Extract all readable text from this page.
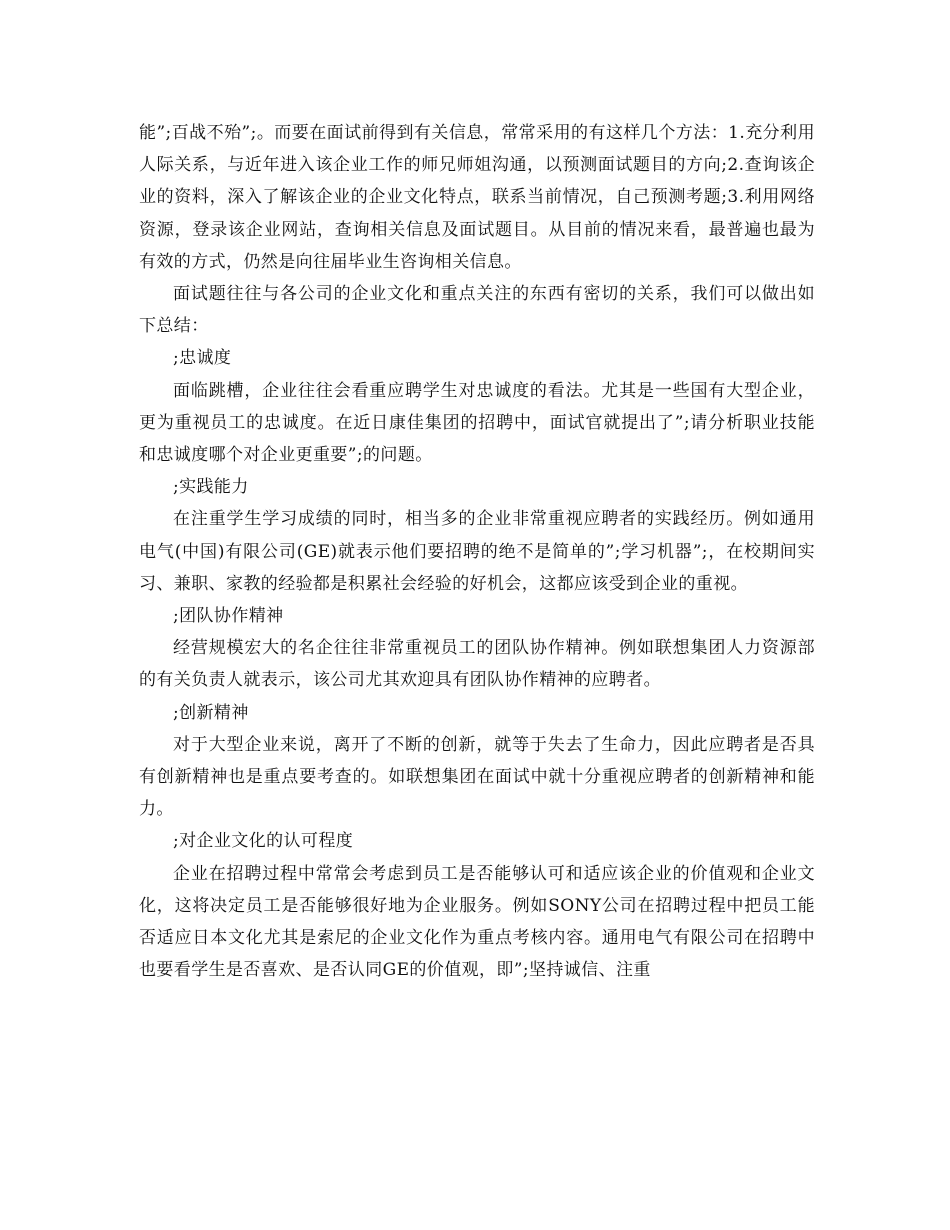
能”;百战不殆”;。而要在面试前得到有关信息，常常采用的有这样几个方法：1.充分利用人际关系，与近年进入该企业工作的师兄师姐沟通，以预测面试题目的方向;2.查询该企业的资料，深入了解该企业的企业文化特点，联系当前情况，自己预测考题;3.利用网络资源，登录该企业网站，查询相关信息及面试题目。从目前的情况来看，最普遍也最为有效的方式，仍然是向往届毕业生咨询相关信息。

面试题往往与各公司的企业文化和重点关注的东西有密切的关系，我们可以做出如下总结：

;忠诚度

面临跳槽，企业往往会看重应聘学生对忠诚度的看法。尤其是一些国有大型企业，更为重视员工的忠诚度。在近日康佳集团的招聘中，面试官就提出了”;请分析职业技能和忠诚度哪个对企业更重要”;的问题。

;实践能力

在注重学生学习成绩的同时，相当多的企业非常重视应聘者的实践经历。例如通用电气(中国)有限公司(GE)就表示他们要招聘的绝不是简单的”;学习机器”;，在校期间实习、兼职、家教的经验都是积累社会经验的好机会，这都应该受到企业的重视。

;团队协作精神

经营规模宏大的名企往往非常重视员工的团队协作精神。例如联想集团人力资源部的有关负责人就表示，该公司尤其欢迎具有团队协作精神的应聘者。

;创新精神

对于大型企业来说，离开了不断的创新，就等于失去了生命力，因此应聘者是否具有创新精神也是重点要考查的。如联想集团在面试中就十分重视应聘者的创新精神和能力。

;对企业文化的认可程度

企业在招聘过程中常常会考虑到员工是否能够认可和适应该企业的价值观和企业文化，这将决定员工是否能够很好地为企业服务。例如SONY公司在招聘过程中把员工能否适应日本文化尤其是索尼的企业文化作为重点考核内容。通用电气有限公司在招聘中也要看学生是否喜欢、是否认同GE的价值观，即”;坚持诚信、注重
